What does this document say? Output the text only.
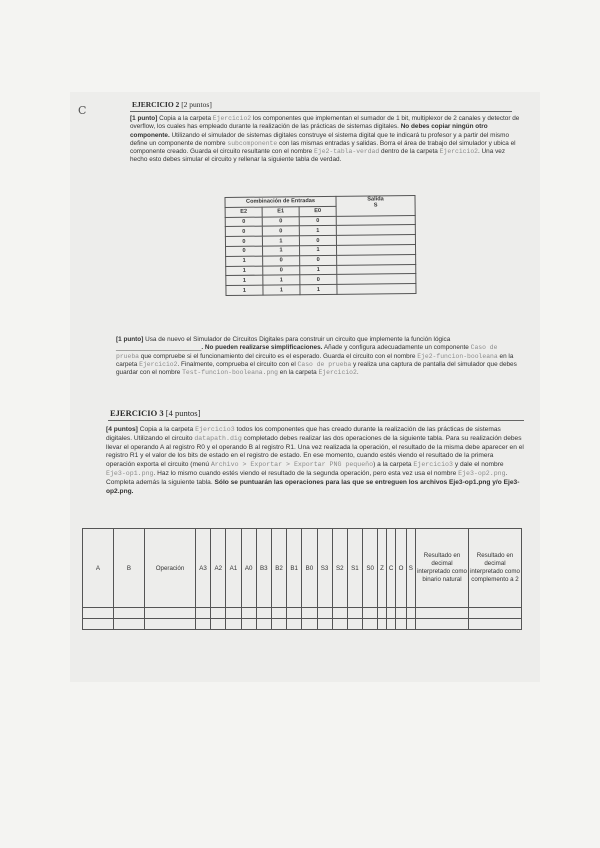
C	EJERCICIO 2 [2 puntos]
[1 punto] Copia a la carpeta Ejercicio2 los componentes que implementan el sumador de 1 bit, multiplexor de 2 canales y detector de overflow, los cuales has empleado durante la realización de las prácticas de sistemas digitales. No debes copiar ningún otro componente. Utilizando el simulador de sistemas digitales construye el sistema digital que te indicará tu profesor y a partir del mismo define un componente de nombre subcomponente con las mismas entradas y salidas. Borra el área de trabajo del simulador y ubica el componente creado. Guarda el circuito resultante con el nombre Eje2-tabla-verdad dentro de la carpeta Ejercicio2. Una vez hecho esto debes simular el circuito y rellenar la siguiente tabla de verdad.
Combinación de Entradas			Salida
S

E2	E1	E0	
0	0	0	
0	0	1	
0	1	0	
0	1	1	
1	0	0	
1	0	1	
1	1	0	
1	1	1	
[1 punto] Usa de nuevo el Simulador de Circuitos Digitales para construir un circuito que implemente la función lógica ________________________. No pueden realizarse simplificaciones. Añade y configura adecuadamente un componente Caso de prueba que compruebe si el funcionamiento del circuito es el esperado. Guarda el circuito con el nombre Eje2-funcion-booleana en la carpeta Ejercicio2. Finalmente, comprueba el circuito con el Caso de prueba y realiza una captura de pantalla del simulador que debes guardar con el nombre Test-funcion-booleana.png en la carpeta Ejercicio2.
EJERCICIO 3 [4 puntos]
[4 puntos] Copia a la carpeta Ejercicio3 todos los componentes que has creado durante la realización de las prácticas de sistemas digitales. Utilizando el circuito datapath.dig completado debes realizar las dos operaciones de la siguiente tabla. Para su realización debes llevar el operando A al registro R0 y el operando B al registro R1. Una vez realizada la operación, el resultado de la misma debe aparecer en el registro R1 y el valor de los bits de estado en el registro de estado. En ese momento, cuando estés viendo el resultado de la primera operación exporta el circuito (menú Archivo > Exportar > Exportar PNG pequeño) a la carpeta Ejercicio3 y dale el nombre Eje3-op1.png. Haz lo mismo cuando estés viendo el resultado de la segunda operación, pero esta vez usa el nombre Eje3-op2.png. Completa además la siguiente tabla. Sólo se puntuarán las operaciones para las que se entreguen los archivos Eje3-op1.png y/o Eje3-op2.png.
A	B	Operación	A3	A2	A1	A0	B3	B2	B1	B0	S3	S2	S1	S0	Z	C	O	S	Resultado en decimal interpretado como binario natural	Resultado en decimal interpretado como complemento a 2
